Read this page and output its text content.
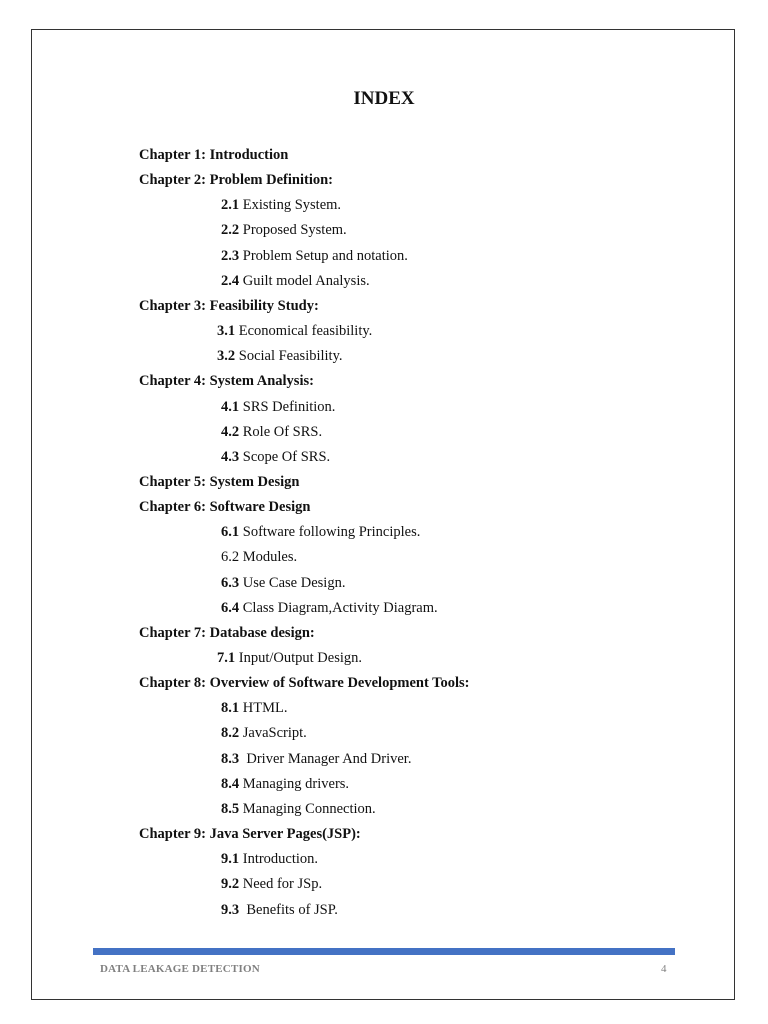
INDEX
Chapter 1: Introduction
Chapter 2: Problem Definition:
2.1 Existing System.
2.2 Proposed System.
2.3 Problem Setup and notation.
2.4 Guilt model Analysis.
Chapter 3: Feasibility Study:
3.1 Economical feasibility.
3.2 Social Feasibility.
Chapter 4: System Analysis:
4.1 SRS Definition.
4.2 Role Of SRS.
4.3 Scope Of SRS.
Chapter 5: System Design
Chapter 6: Software Design
6.1 Software following Principles.
6.2 Modules.
6.3 Use Case Design.
6.4 Class Diagram,Activity Diagram.
Chapter 7: Database design:
7.1 Input/Output Design.
Chapter 8: Overview of Software Development Tools:
8.1 HTML.
8.2 JavaScript.
8.3  Driver Manager And Driver.
8.4 Managing drivers.
8.5 Managing Connection.
Chapter 9: Java Server Pages(JSP):
9.1 Introduction.
9.2 Need for JSp.
9.3  Benefits of JSP.
DATA LEAKAGE DETECTION	4
